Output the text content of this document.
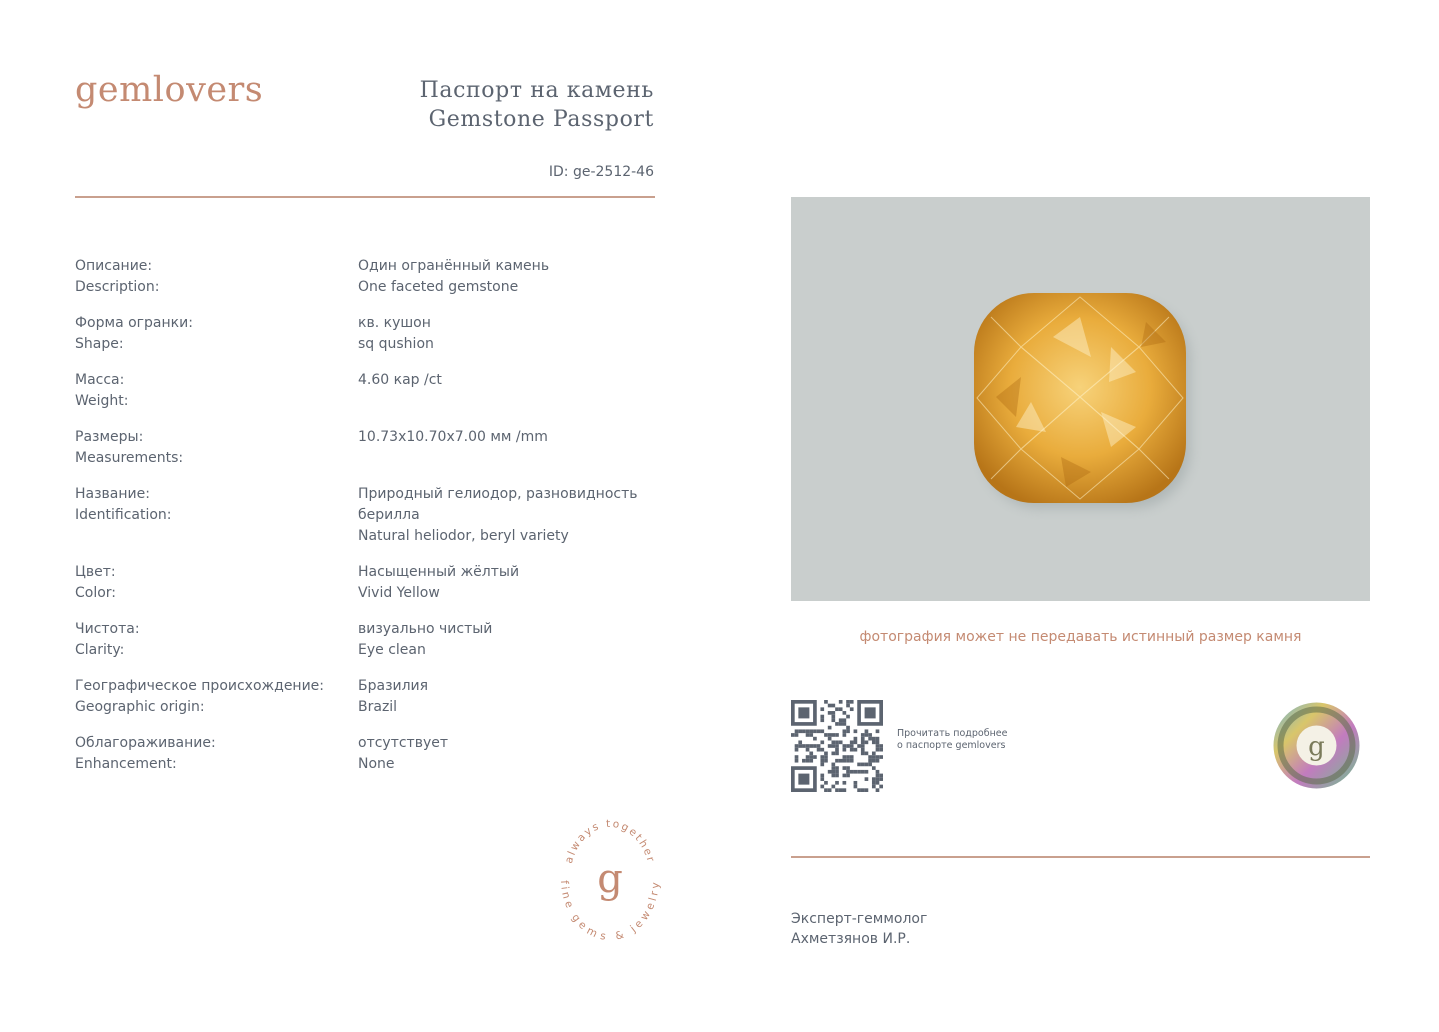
gemlovers	Паспорт на камень
Gemstone Passport
ID: ge-2512-46
Описание:
Description:
Один огранённый камень
One faceted gemstone
Форма огранки:
Shape:
кв. кушон
sq qushion
Масса:
Weight:
4.60 кар /ct
Размеры:
Measurements:
10.73x10.70x7.00 мм /mm
Название:
Identification:
Природный гелиодор, разновидность
берилла
Natural heliodor, beryl variety
Цвет:
Color:
Насыщенный жёлтый
Vivid Yellow
Чистота:
Clarity:
визуально чистый
Eye clean
Географическое происхождение:
Geographic origin:
Бразилия
Brazil
Облагораживание:
Enhancement:
отсутствует
None
фотография может не передавать истинный размер камня
Прочитать подробнее
о паспорте gemlovers	g
always together
fine gems & jewelry
g
Эксперт-геммолог
Ахметзянов И.Р.
